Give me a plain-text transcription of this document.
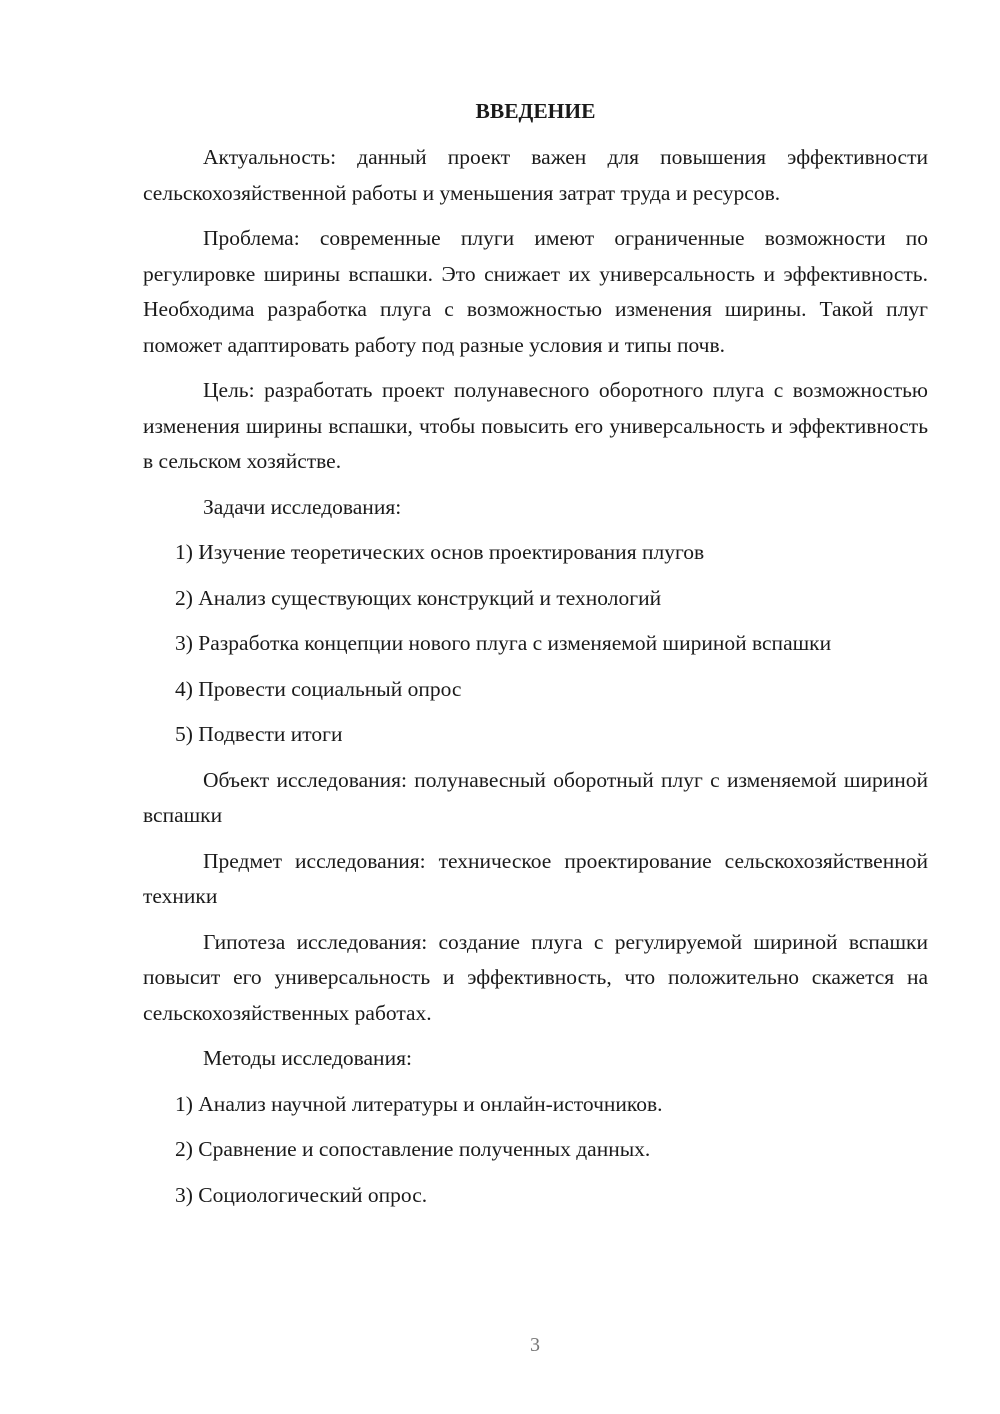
ВВЕДЕНИЕ
Актуальность: данный проект важен для повышения эффективности сельскохозяйственной работы и уменьшения затрат труда и ресурсов.
Проблема: современные плуги имеют ограниченные возможности по регулировке ширины вспашки. Это снижает их универсальность и эффективность. Необходима разработка плуга с возможностью изменения ширины. Такой плуг поможет адаптировать работу под разные условия и типы почв.
Цель: разработать проект полунавесного оборотного плуга с возможностью изменения ширины вспашки, чтобы повысить его универсальность и эффективность в сельском хозяйстве.
Задачи исследования:
1) Изучение теоретических основ проектирования плугов
2) Анализ существующих конструкций и технологий
3) Разработка концепции нового плуга с изменяемой шириной вспашки
4) Провести социальный опрос
5) Подвести итоги
Объект исследования: полунавесный оборотный плуг с изменяемой шириной вспашки
Предмет исследования: техническое проектирование сельскохозяйственной техники
Гипотеза исследования: создание плуга с регулируемой шириной вспашки повысит его универсальность и эффективность, что положительно скажется на сельскохозяйственных работах.
Методы исследования:
1) Анализ научной литературы и онлайн-источников.
2) Сравнение и сопоставление полученных данных.
3) Социологический опрос.
3
